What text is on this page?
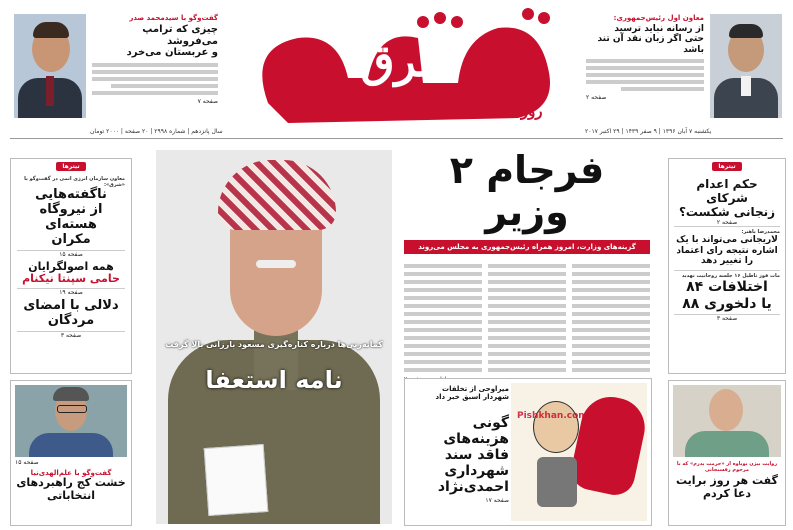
گفت‌وگو با سیدمحمد صدر
چیزی که ترامپ می‌فروشد
و عربستان می‌خرد
صفحه ۷
شرق
روزنامه
معاون اول رئیس‌جمهوری:
از رسانه نباید ترسید
حتی اگر زبان نقد آن تند باشد
صفحه ۲
سال پانزدهم | شماره ۲۹۹۸ | ۲۰ صفحه | ۲۰۰۰ تومان	یکشنبه ۷ آبان ۱۳۹۶ | ۹ صفر ۱۴۳۹ | ۲۹ اکتبر ۲۰۱۷
تیترها
معاون سازمان انرژی اتمی در گفت‌وگو با «شرق»:
ناگفته‌هایی
از نیروگاه هسته‌ای
مکران
صفحه ۱۵
همه اصولگرایان
حامی سپنتا نیکنام
صفحه ۱۹
دلالی با امضای
مردگان
صفحه ۳
صفحه ۱۵
گفت‌وگو با علم‌الهدی‌نیا
خشت کج راهبردهای
انتخاباتی
کمانه‌زنی‌ها درباره کناره‌گیری مسعود بارزانی بالا گرفت
نامه استعفا
فرجام ۲ وزیر
گزینه‌های وزارت، امروز همراه رئیس‌جمهوری به مجلس می‌روند
Pishkhan.com
میراوحی از تخلفات
شهردار اسبق خبر داد
گونی هزینه‌های
فاقد سند شهرداری
احمدی‌نژاد
صفحه ۱۷
تیترها
حکم اعدام شرکای
زنجانی شکست؟
صفحه ۲
محمدرضا باهنر:
لاریجانی می‌تواند با یک
اشاره نتیجه رای اعتماد
را تغییر دهد
مات فوز تاطیل ۱۶ جلسه روحانیت تهدید
اختلافات ۸۴
یا دلخوری ۸۸
صفحه ۳
روایت بیژن نوباوه از «حرمت پدرم» که با مرحوم رفسنجانی
گفت هر روز برایت
دعا کردم
